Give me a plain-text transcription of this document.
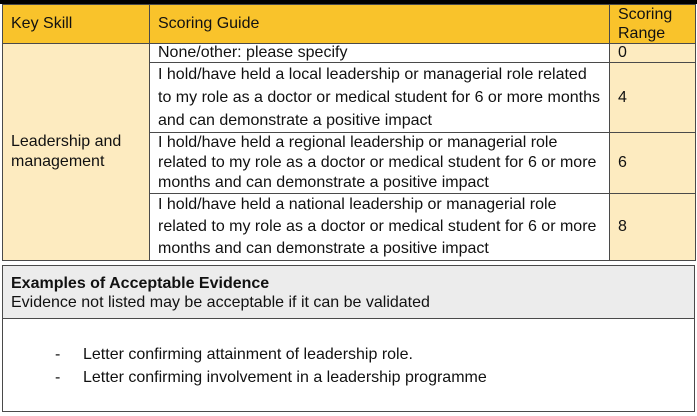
Key Skill	Scoring Guide	Scoring Range

Leadership and management	None/other: please specify	0
	I hold/have held a local leadership or managerial role related to my role as a doctor or medical student for 6 or more months and can demonstrate a positive impact	4
	I hold/have held a regional leadership or managerial role related to my role as a doctor or medical student for 6 or more months and can demonstrate a positive impact	6
	I hold/have held a national leadership or managerial role related to my role as a doctor or medical student for 6 or more months and can demonstrate a positive impact	8
Examples of Acceptable Evidence
Evidence not listed may be acceptable if it can be validated
- Letter confirming attainment of leadership role.
- Letter confirming involvement in a leadership programme
